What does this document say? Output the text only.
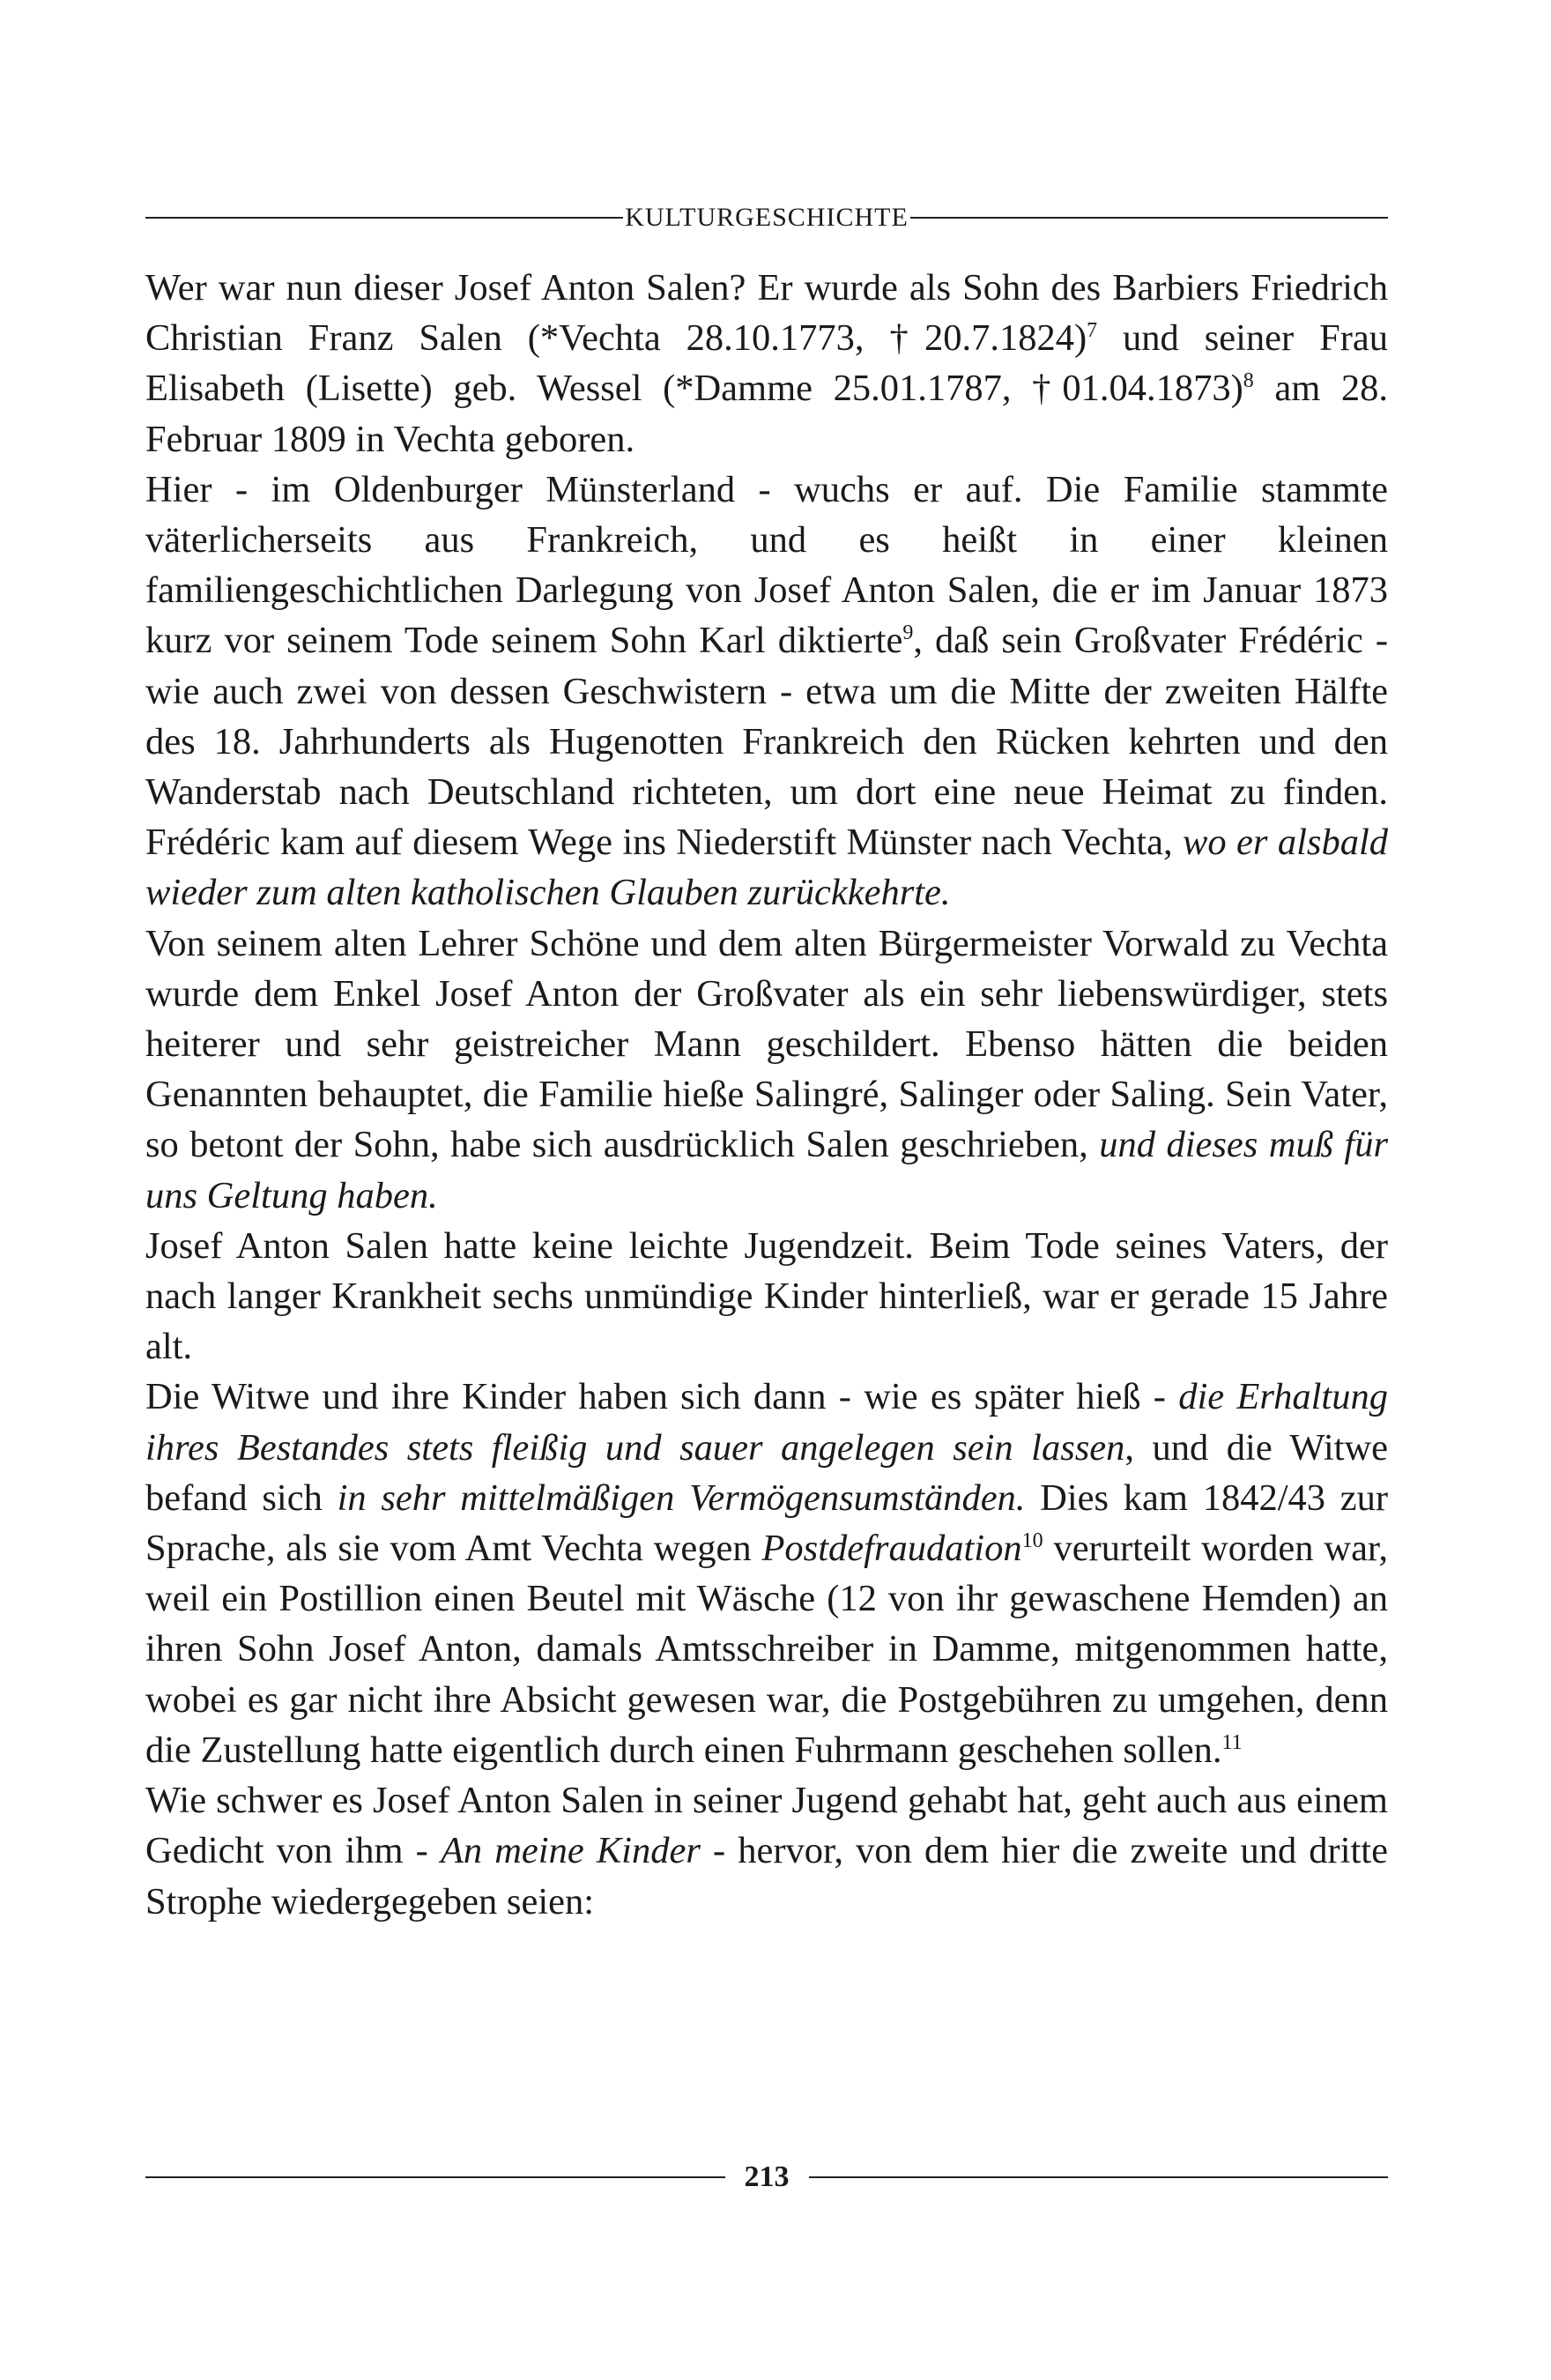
KULTURGESCHICHTE

Wer war nun dieser Josef Anton Salen? Er wurde als Sohn des Barbiers Friedrich Christian Franz Salen (*Vechta 28.10.1773, †20.7.1824)$^7$ und seiner Frau Elisabeth (Lisette) geb. Wessel (*Damme 25.01.1787, †01.04.1873)$^8$ am 28. Februar 1809 in Vechta geboren.

Hier - im Oldenburger Münsterland - wuchs er auf. Die Familie stammte väterlicherseits aus Frankreich, und es heißt in einer kleinen familiengeschichtlichen Darlegung von Josef Anton Salen, die er im Januar 1873 kurz vor seinem Tode seinem Sohn Karl diktierte$^9$, daß sein Großvater Frédéric - wie auch zwei von dessen Geschwistern - etwa um die Mitte der zweiten Hälfte des 18. Jahrhunderts als Hugenotten Frankreich den Rücken kehrten und den Wanderstab nach Deutschland richteten, um dort eine neue Heimat zu finden. Frédéric kam auf diesem Wege ins Niederstift Münster nach Vechta, wo er alsbald wieder zum alten katholischen Glauben zurückkehrte.

Von seinem alten Lehrer Schöne und dem alten Bürgermeister Vorwald zu Vechta wurde dem Enkel Josef Anton der Großvater als ein sehr liebenswürdiger, stets heiterer und sehr geistreicher Mann geschildert. Ebenso hätten die beiden Genannten behauptet, die Familie hieße Salingré, Salinger oder Saling. Sein Vater, so betont der Sohn, habe sich ausdrücklich Salen geschrieben, und dieses muß für uns Geltung haben.

Josef Anton Salen hatte keine leichte Jugendzeit. Beim Tode seines Vaters, der nach langer Krankheit sechs unmündige Kinder hinterließ, war er gerade 15 Jahre alt.

Die Witwe und ihre Kinder haben sich dann - wie es später hieß - die Erhaltung ihres Bestandes stets fleißig und sauer angelegen sein lassen, und die Witwe befand sich in sehr mittelmäßigen Vermögensumständen. Dies kam 1842/43 zur Sprache, als sie vom Amt Vechta wegen Postdefraudation$^{10}$ verurteilt worden war, weil ein Postillion einen Beutel mit Wäsche (12 von ihr gewaschene Hemden) an ihren Sohn Josef Anton, damals Amtsschreiber in Damme, mitgenommen hatte, wobei es gar nicht ihre Absicht gewesen war, die Postgebühren zu umgehen, denn die Zustellung hatte eigentlich durch einen Fuhrmann geschehen sollen.$^{11}$

Wie schwer es Josef Anton Salen in seiner Jugend gehabt hat, geht auch aus einem Gedicht von ihm - An meine Kinder - hervor, von dem hier die zweite und dritte Strophe wiedergegeben seien:

213
